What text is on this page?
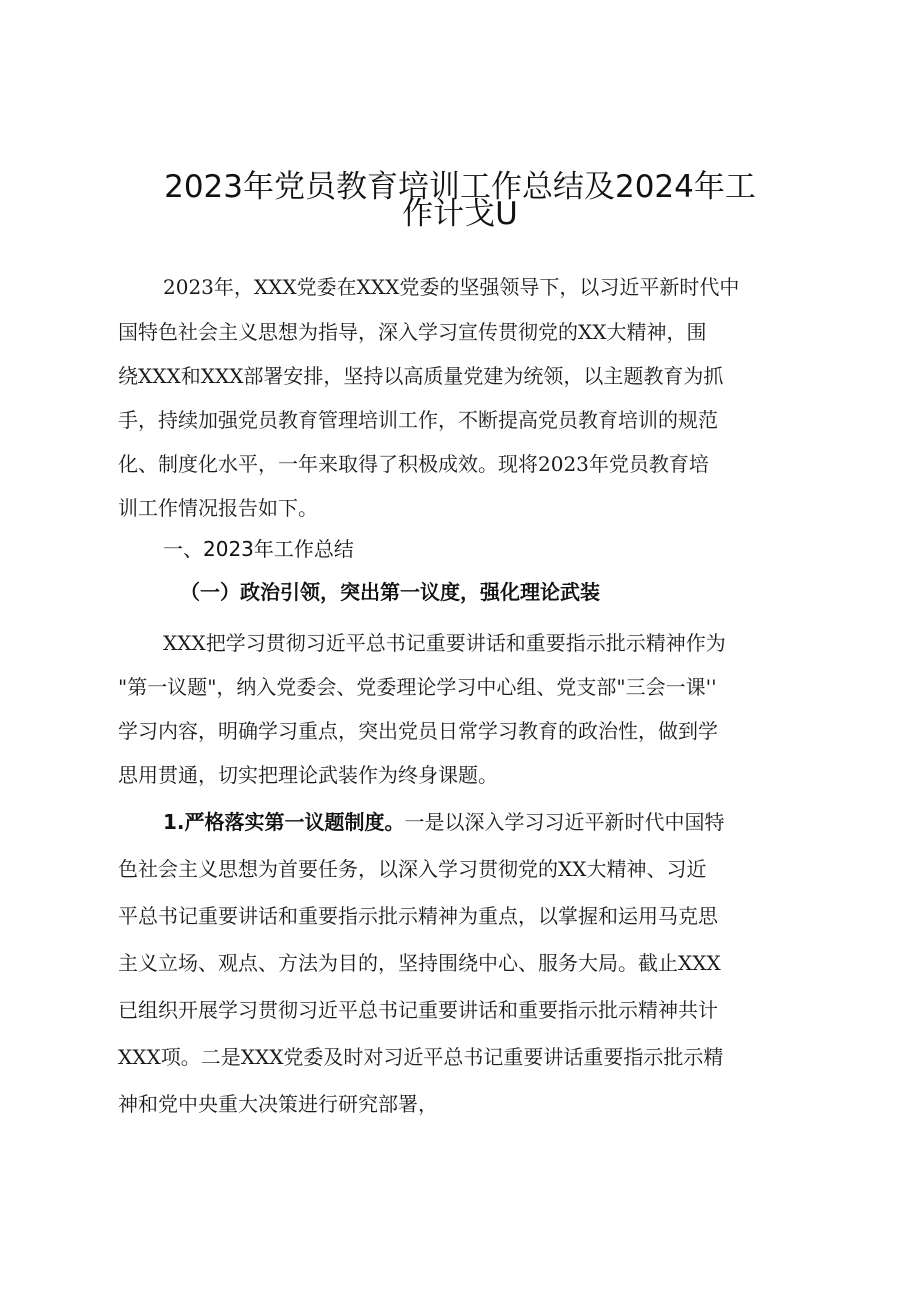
2023年党员教育培训工作总结及2024年工
作计戈U
2023年，XXX党委在XXX党委的坚强领导下，以习近平新时代中
国特色社会主义思想为指导，深入学习宣传贯彻党的XX大精神，围
绕XXX和XXX部署安排，坚持以高质量党建为统领，以主题教育为抓
手，持续加强党员教育管理培训工作，不断提高党员教育培训的规范
化、制度化水平，一年来取得了积极成效。现将2023年党员教育培
训工作情况报告如下。
一、2023年工作总结
（一）政治引领，突出第一议度，强化理论武装
XXX把学习贯彻习近平总书记重要讲话和重要指示批示精神作为
"第一议题"，纳入党委会、党委理论学习中心组、党支部"三会一课''
学习内容，明确学习重点，突出党员日常学习教育的政治性，做到学
思用贯通，切实把理论武装作为终身课题。
1.严格落实第一议题制度。一是以深入学习习近平新时代中国特
色社会主义思想为首要任务，以深入学习贯彻党的XX大精神、习近
平总书记重要讲话和重要指示批示精神为重点，以掌握和运用马克思
主义立场、观点、方法为目的，坚持围绕中心、服务大局。截止XXX
已组织开展学习贯彻习近平总书记重要讲话和重要指示批示精神共计
XXX项。二是XXX党委及时对习近平总书记重要讲话重要指示批示精
神和党中央重大决策进行研究部署，
